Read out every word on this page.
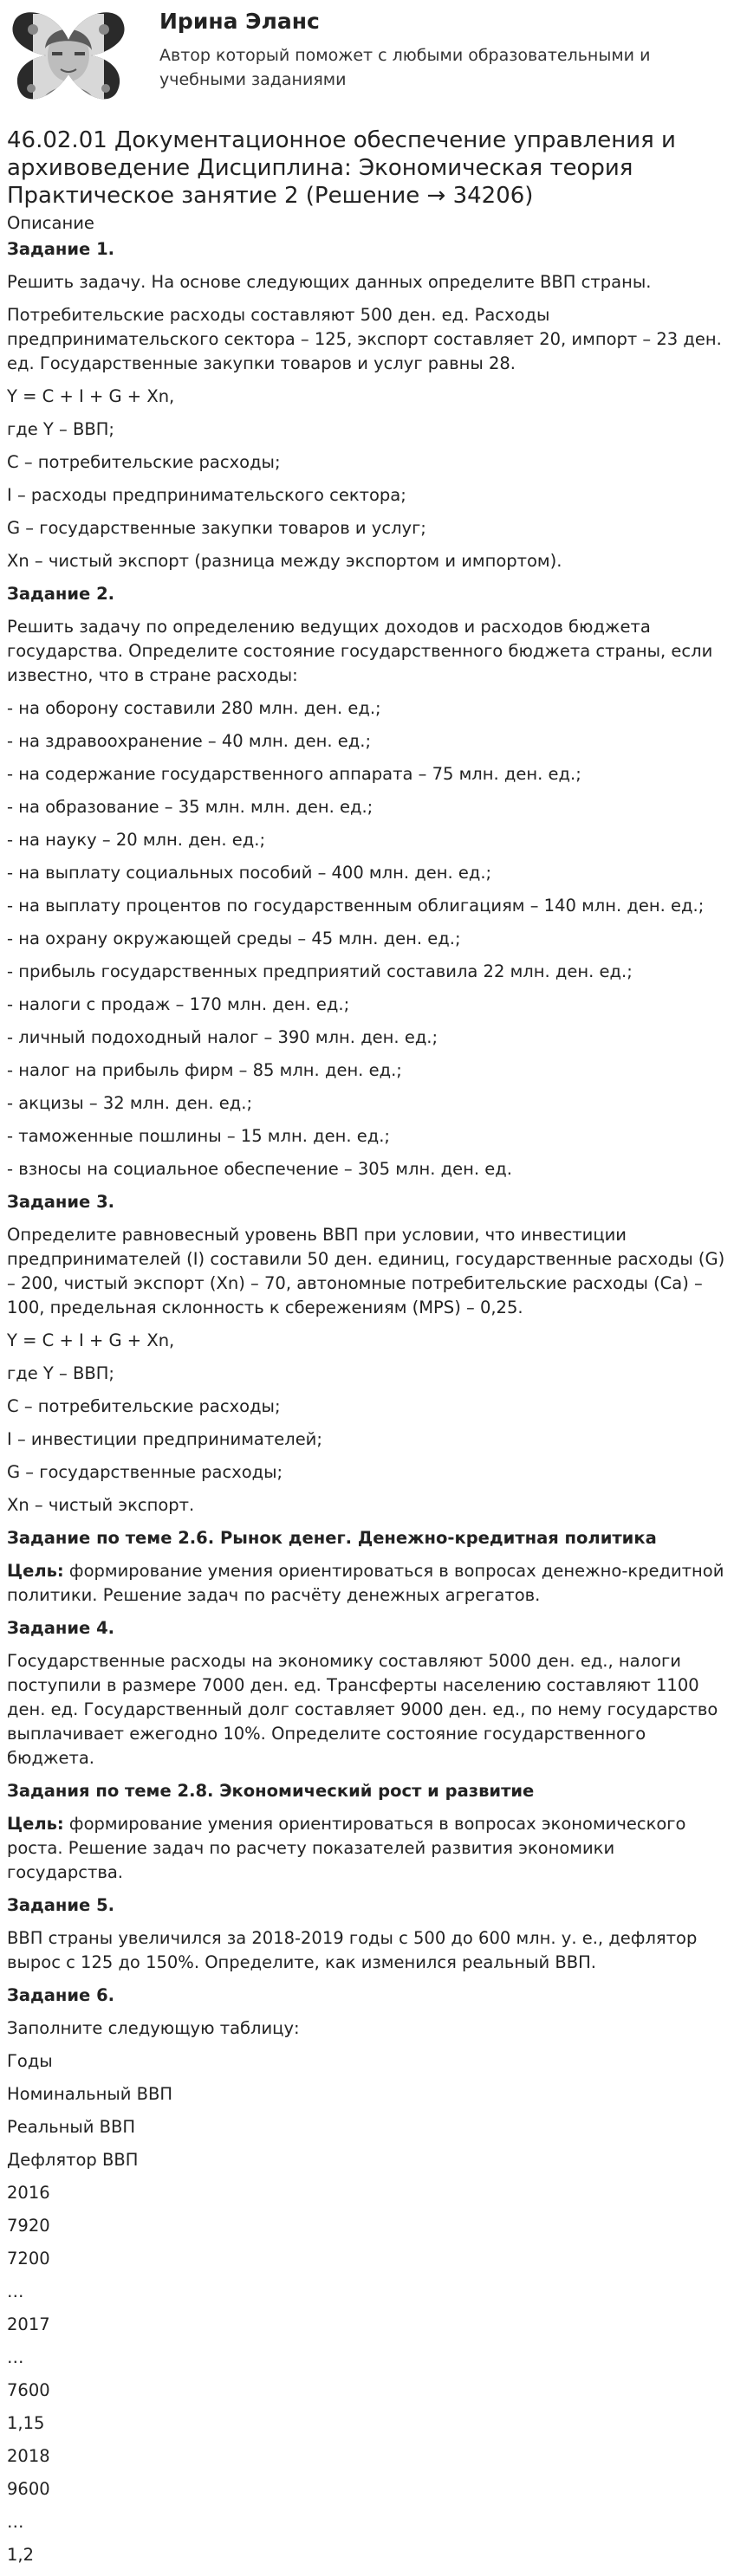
Ирина Эланс
Автор который поможет с любыми образовательными и учебными заданиями
46.02.01 Документационное обеспечение управления и архивоведение Дисциплина: Экономическая теория Практическое занятие 2 (Решение → 34206)
Описание
Задание 1.
Решить задачу. На основе следующих данных определите ВВП страны.
Потребительские расходы составляют 500 ден. ед. Расходы предпринимательского сектора – 125, экспорт составляет 20, импорт – 23 ден. ед. Государственные закупки товаров и услуг равны 28.
Y = C + I + G + Xn,
где Y – ВВП;
C – потребительские расходы;
I – расходы предпринимательского сектора;
G – государственные закупки товаров и услуг;
Xn – чистый экспорт (разница между экспортом и импортом).
Задание 2.
Решить задачу по определению ведущих доходов и расходов бюджета государства. Определите состояние государственного бюджета страны, если известно, что в стране расходы:
- на оборону составили 280 млн. ден. ед.;
- на здравоохранение – 40 млн. ден. ед.;
- на содержание государственного аппарата – 75 млн. ден. ед.;
- на образование – 35 млн. млн. ден. ед.;
- на науку – 20 млн. ден. ед.;
- на выплату социальных пособий – 400 млн. ден. ед.;
- на выплату процентов по государственным облигациям – 140 млн. ден. ед.;
- на охрану окружающей среды – 45 млн. ден. ед.;
- прибыль государственных предприятий составила 22 млн. ден. ед.;
- налоги с продаж – 170 млн. ден. ед.;
- личный подоходный налог – 390 млн. ден. ед.;
- налог на прибыль фирм – 85 млн. ден. ед.;
- акцизы – 32 млн. ден. ед.;
- таможенные пошлины – 15 млн. ден. ед.;
- взносы на социальное обеспечение – 305 млн. ден. ед.
Задание 3.
Определите равновесный уровень ВВП при условии, что инвестиции предпринимателей (I) составили 50 ден. единиц, государственные расходы (G) – 200, чистый экспорт (Xn) – 70, автономные потребительские расходы (Ca) – 100, предельная склонность к сбережениям (MPS) – 0,25.
Y = C + I + G + Xn,
где Y – ВВП;
C – потребительские расходы;
I – инвестиции предпринимателей;
G – государственные расходы;
Xn – чистый экспорт.
Задание по теме 2.6. Рынок денег. Денежно-кредитная политика
Цель: формирование умения ориентироваться в вопросах денежно-кредитной политики. Решение задач по расчёту денежных агрегатов.
Задание 4.
Государственные расходы на экономику составляют 5000 ден. ед., налоги поступили в размере 7000 ден. ед. Трансферты населению составляют 1100 ден. ед. Государственный долг составляет 9000 ден. ед., по нему государство выплачивает ежегодно 10%. Определите состояние государственного бюджета.
Задания по теме 2.8. Экономический рост и развитие
Цель: формирование умения ориентироваться в вопросах экономического роста. Решение задач по расчету показателей развития экономики государства.
Задание 5.
ВВП страны увеличился за 2018-2019 годы с 500 до 600 млн. у. е., дефлятор вырос с 125 до 150%. Определите, как изменился реальный ВВП.
Задание 6.
Заполните следующую таблицу:
Годы
Номинальный ВВП
Реальный ВВП
Дефлятор ВВП
2016
7920
7200
…
2017
…
7600
1,15
2018
9600
…
1,2
